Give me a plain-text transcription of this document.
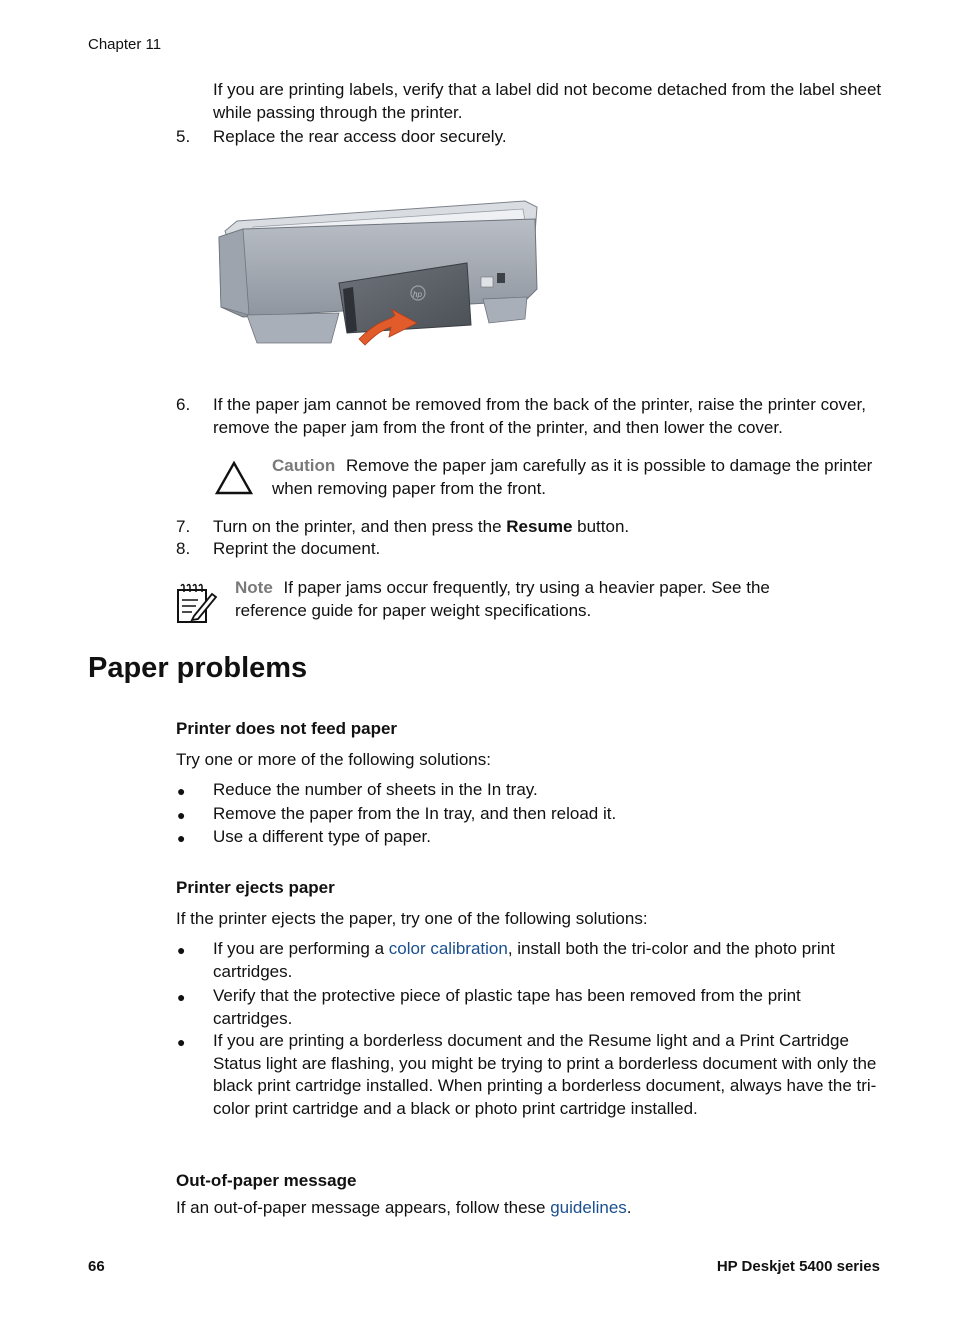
Chapter 11
If you are printing labels, verify that a label did not become detached from the label sheet while passing through the printer.
5. Replace the rear access door securely.
hp
6. If the paper jam cannot be removed from the back of the printer, raise the printer cover, remove the paper jam from the front of the printer, and then lower the cover.
Caution Remove the paper jam carefully as it is possible to damage the printer when removing paper from the front.
7. Turn on the printer, and then press the Resume button.
8. Reprint the document.
Note If paper jams occur frequently, try using a heavier paper. See the reference guide for paper weight specifications.
Paper problems
Printer does not feed paper
Try one or more of the following solutions:
● Reduce the number of sheets in the In tray.
● Remove the paper from the In tray, and then reload it.
● Use a different type of paper.
Printer ejects paper
If the printer ejects the paper, try one of the following solutions:
● If you are performing a color calibration, install both the tri-color and the photo print cartridges.
● Verify that the protective piece of plastic tape has been removed from the print cartridges.
● If you are printing a borderless document and the Resume light and a Print Cartridge Status light are flashing, you might be trying to print a borderless document with only the black print cartridge installed. When printing a borderless document, always have the tri-color print cartridge and a black or photo print cartridge installed.
Out-of-paper message
If an out-of-paper message appears, follow these guidelines.
66	HP Deskjet 5400 series
